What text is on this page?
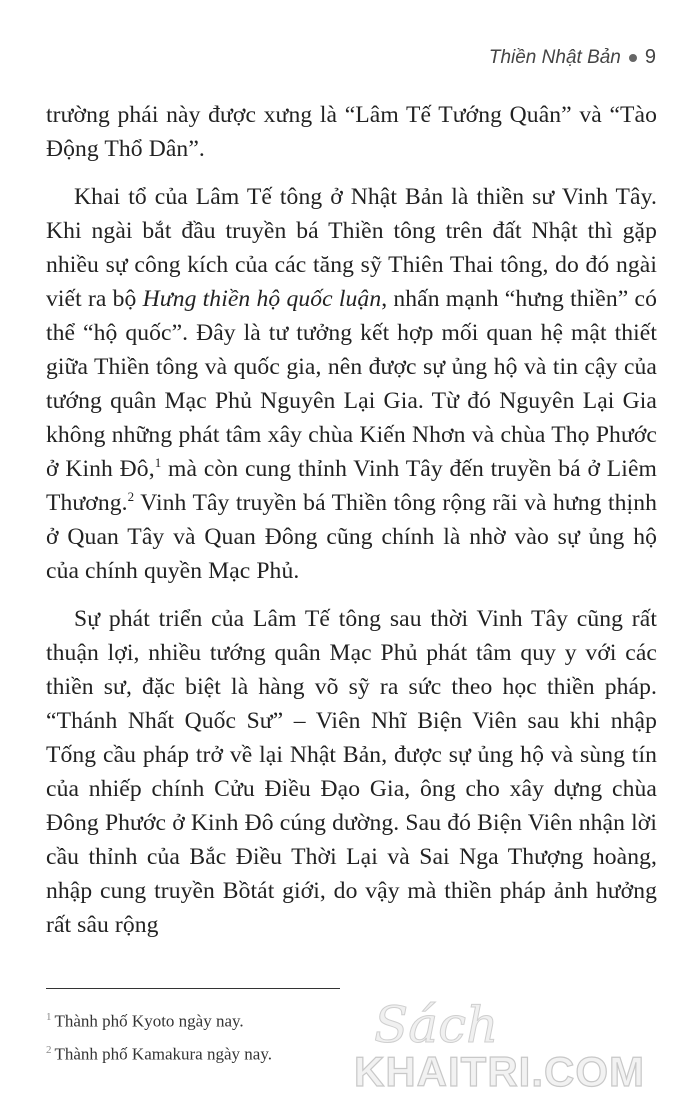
Thiền Nhật Bản 9

trường phái này được xưng là “Lâm Tế Tướng Quân” và “Tào Động Thổ Dân”.

Khai tổ của Lâm Tế tông ở Nhật Bản là thiền sư Vinh Tây. Khi ngài bắt đầu truyền bá Thiền tông trên đất Nhật thì gặp nhiều sự công kích của các tăng sỹ Thiên Thai tông, do đó ngài viết ra bộ Hưng thiền hộ quốc luận, nhấn mạnh “hưng thiền” có thể “hộ quốc”. Đây là tư tưởng kết hợp mối quan hệ mật thiết giữa Thiền tông và quốc gia, nên được sự ủng hộ và tin cậy của tướng quân Mạc Phủ Nguyên Lại Gia. Từ đó Nguyên Lại Gia không những phát tâm xây chùa Kiến Nhơn và chùa Thọ Phước ở Kinh Đô,$^1$ mà còn cung thỉnh Vinh Tây đến truyền bá ở Liêm Thương.$^2$ Vinh Tây truyền bá Thiền tông rộng rãi và hưng thịnh ở Quan Tây và Quan Đông cũng chính là nhờ vào sự ủng hộ của chính quyền Mạc Phủ.

Sự phát triển của Lâm Tế tông sau thời Vinh Tây cũng rất thuận lợi, nhiều tướng quân Mạc Phủ phát tâm quy y với các thiền sư, đặc biệt là hàng võ sỹ ra sức theo học thiền pháp. “Thánh Nhất Quốc Sư” – Viên Nhĩ Biện Viên sau khi nhập Tống cầu pháp trở về lại Nhật Bản, được sự ủng hộ và sùng tín của nhiếp chính Cửu Điều Đạo Gia, ông cho xây dựng chùa Đông Phước ở Kinh Đô cúng dường. Sau đó Biện Viên nhận lời cầu thỉnh của Bắc Điều Thời Lại và Sai Nga Thượng hoàng, nhập cung truyền Bồtát giới, do vậy mà thiền pháp ảnh hưởng rất sâu rộng

$^1$ Thành phố Kyoto ngày nay.
$^2$ Thành phố Kamakura ngày nay. Sách
KHAITRI.COM
